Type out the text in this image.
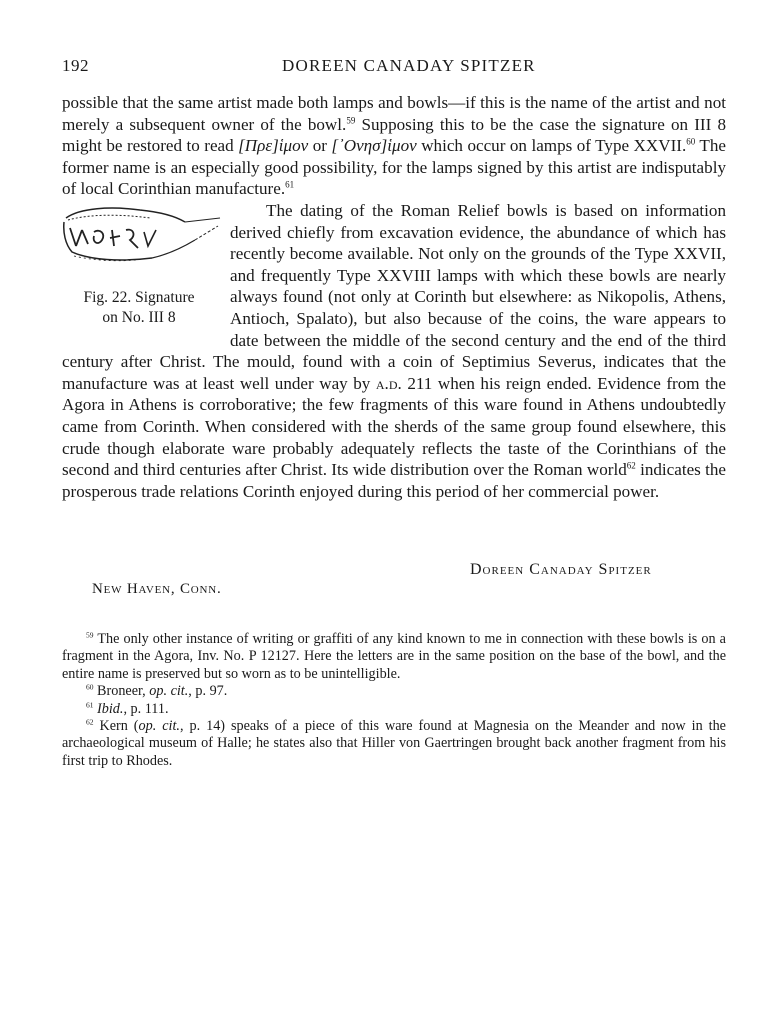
192	DOREEN CANADAY SPITZER

possible that the same artist made both lamps and bowls—if this is the name of the artist and not merely a subsequent owner of the bowl.$^{59}$ Supposing this to be the case the signature on III 8 might be restored to read [Πρε]ἱμον or [᾽Ονησ]ἱμον which occur on lamps of Type XXVII.$^{60}$ The former name is an especially good possibility, for the lamps signed by this artist are indisputably of local Corinthian manufacture.$^{61}$

Fig. 22. Signature
on No. III 8
The dating of the Roman Relief bowls is based on information derived chiefly from excavation evidence, the abundance of which has recently become available. Not only on the grounds of the Type XXVII, and frequently Type XXVIII lamps with which these bowls are nearly always found (not only at Corinth but elsewhere: as Nikopolis, Athens, Antioch, Spalato), but also because of the coins, the ware appears to date between the middle of the second century and the end of the third century after Christ. The mould, found with a coin of Septimius Severus, indicates that the manufacture was at least well under way by a.d. 211 when his reign ended. Evidence from the Agora in Athens is corroborative; the few fragments of this ware found in Athens undoubtedly came from Corinth. When considered with the sherds of the same group found elsewhere, this crude though elaborate ware probably adequately reflects the taste of the Corinthians of the second and third centuries after Christ. Its wide distribution over the Roman world$^{62}$ indicates the prosperous trade relations Corinth enjoyed during this period of her commercial power.

Doreen Canaday Spitzer
New Haven, Conn.

$^{59}$ The only other instance of writing or graffiti of any kind known to me in connection with these bowls is on a fragment in the Agora, Inv. No. P 12127. Here the letters are in the same position on the base of the bowl, and the entire name is preserved but so worn as to be unintelligible.

$^{60}$ Broneer, op. cit., p. 97.

$^{61}$ Ibid., p. 111.

$^{62}$ Kern (op. cit., p. 14) speaks of a piece of this ware found at Magnesia on the Meander and now in the archaeological museum of Halle; he states also that Hiller von Gaertringen brought back another fragment from his first trip to Rhodes.
